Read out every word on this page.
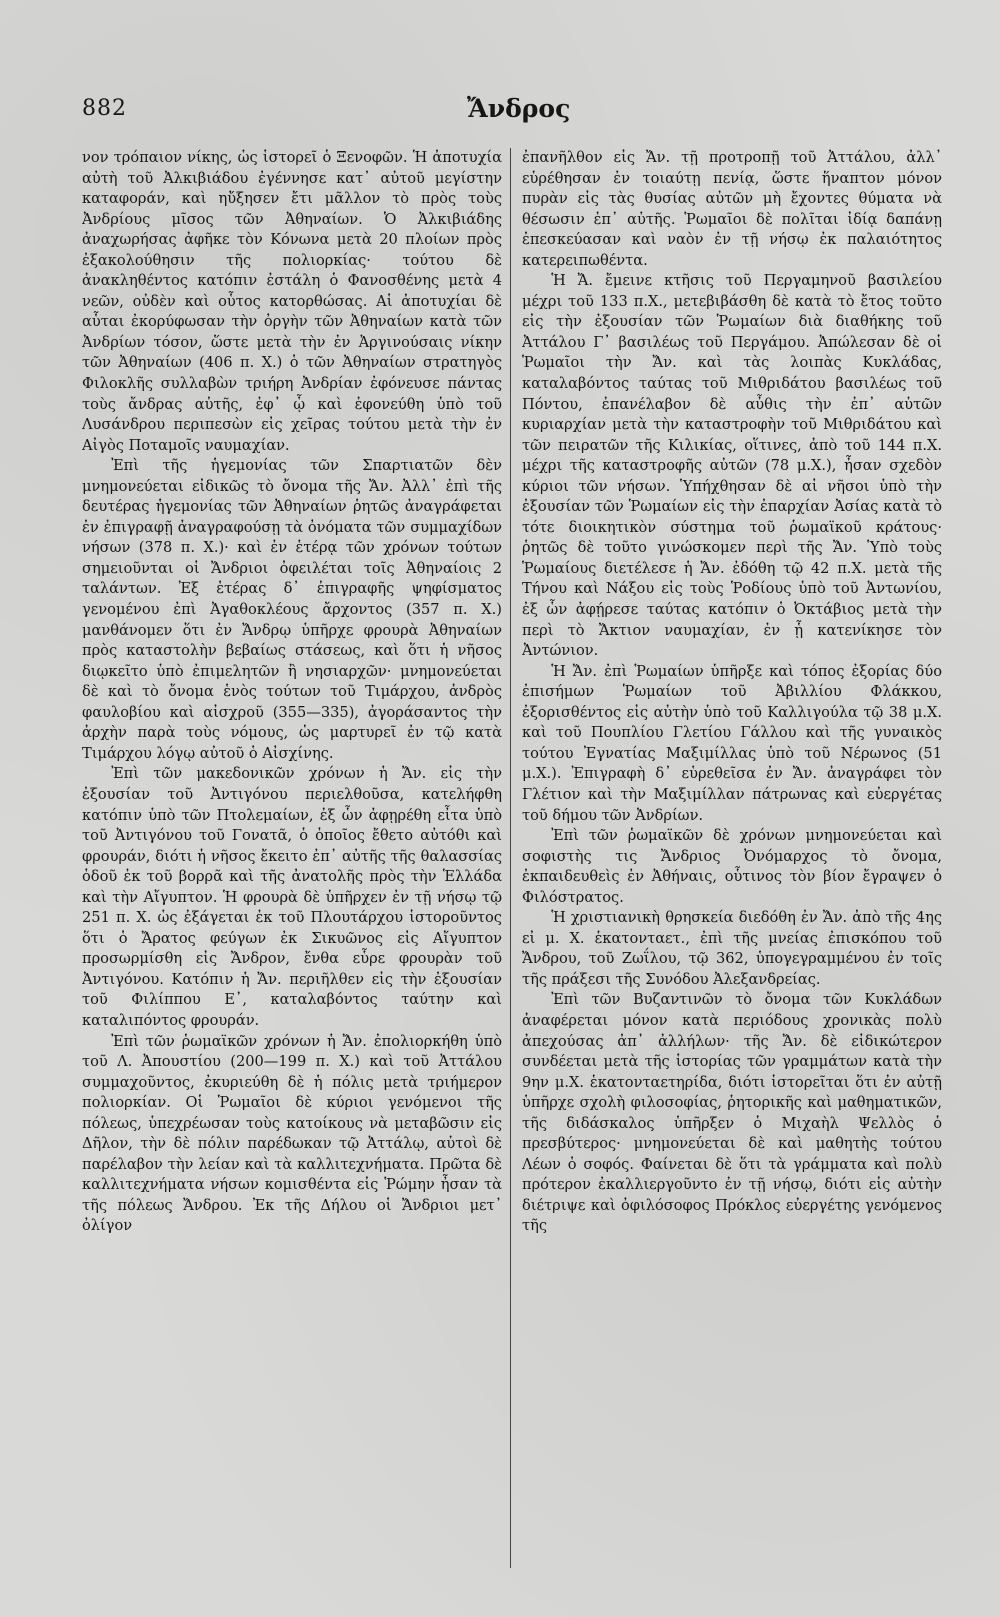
882	Ἄνδρος

νον τρόπαιον νίκης, ὡς ἱστορεῖ ὁ Ξενοφῶν. Ἡ ἀποτυχία αὐτὴ τοῦ Ἀλκιβιάδου ἐγέννησε κατ᾽ αὐτοῦ μεγίστην καταφοράν, καὶ ηὔξησεν ἔτι μᾶλλον τὸ πρὸς τοὺς Ἀνδρίους μῖσος τῶν Ἀθηναίων. Ὁ Ἀλκιβιάδης ἀναχωρήσας ἀφῆκε τὸν Κόνωνα μετὰ 20 πλοίων πρὸς ἐξακολούθησιν τῆς πολιορκίας· τούτου δὲ ἀνακληθέντος κατόπιν ἐστάλη ὁ Φανοσθένης μετὰ 4 νεῶν, οὐδὲν καὶ οὗτος κατορθώσας. Αἱ ἀποτυχίαι δὲ αὗται ἐκορύφωσαν τὴν ὀργὴν τῶν Ἀθηναίων κατὰ τῶν Ἀνδρίων τόσον, ὥστε μετὰ τὴν ἐν Ἀργινούσαις νίκην τῶν Ἀθηναίων (406 π. Χ.) ὁ τῶν Ἀθηναίων στρατηγὸς Φιλοκλῆς συλλαβὼν τριήρη Ἀνδρίαν ἐφόνευσε πάντας τοὺς ἄνδρας αὐτῆς, ἐφ᾽ ᾧ καὶ ἐφονεύθη ὑπὸ τοῦ Λυσάνδρου περιπεσὼν εἰς χεῖρας τούτου μετὰ τὴν ἐν Αἰγὸς Ποταμοῖς ναυμαχίαν.

Ἐπὶ τῆς ἡγεμονίας τῶν Σπαρτιατῶν δὲν μνημονεύεται εἰδικῶς τὸ ὄνομα τῆς Ἄν. Ἀλλ᾽ ἐπὶ τῆς δευτέρας ἡγεμονίας τῶν Ἀθηναίων ῥητῶς ἀναγράφεται ἐν ἐπιγραφῇ ἀναγραφούσῃ τὰ ὀνόματα τῶν συμμαχίδων νήσων (378 π. Χ.)· καὶ ἐν ἑτέρᾳ τῶν χρόνων τούτων σημειοῦνται οἱ Ἄνδριοι ὀφειλέται τοῖς Ἀθηναίοις 2 ταλάντων. Ἐξ ἑτέρας δ᾽ ἐπιγραφῆς ψηφίσματος γενομένου ἐπὶ Ἀγαθοκλέους ἄρχοντος (357 π. Χ.) μανθάνομεν ὅτι ἐν Ἄνδρῳ ὑπῆρχε φρουρὰ Ἀθηναίων πρὸς καταστολὴν βεβαίως στάσεως, καὶ ὅτι ἡ νῆσος διῳκεῖτο ὑπὸ ἐπιμελητῶν ἢ νησιαρχῶν· μνημονεύεται δὲ καὶ τὸ ὄνομα ἑνὸς τούτων τοῦ Τιμάρχου, ἀνδρὸς φαυλοβίου καὶ αἰσχροῦ (355—335), ἀγοράσαντος τὴν ἀρχὴν παρὰ τοὺς νόμους, ὡς μαρτυρεῖ ἐν τῷ κατὰ Τιμάρχου λόγῳ αὐτοῦ ὁ Αἰσχίνης.

Ἐπὶ τῶν μακεδονικῶν χρόνων ἡ Ἄν. εἰς τὴν ἐξουσίαν τοῦ Ἀντιγόνου περιελθοῦσα, κατελήφθη κατόπιν ὑπὸ τῶν Πτολεμαίων, ἐξ ὧν ἀφῃρέθη εἶτα ὑπὸ τοῦ Ἀντιγόνου τοῦ Γονατᾶ, ὁ ὁποῖος ἔθετο αὐτόθι καὶ φρουράν, διότι ἡ νῆσος ἔκειτο ἐπ᾽ αὐτῆς τῆς θαλασσίας ὁδοῦ ἐκ τοῦ βορρᾶ καὶ τῆς ἀνατολῆς πρὸς τὴν Ἑλλάδα καὶ τὴν Αἴγυπτον. Ἡ φρουρὰ δὲ ὑπῆρχεν ἐν τῇ νήσῳ τῷ 251 π. Χ. ὡς ἐξάγεται ἐκ τοῦ Πλουτάρχου ἱστοροῦντος ὅτι ὁ Ἄρατος φεύγων ἐκ Σικυῶνος εἰς Αἴγυπτον προσωρμίσθη εἰς Ἄνδρον, ἔνθα εὗρε φρουρὰν τοῦ Ἀντιγόνου. Κατόπιν ἡ Ἄν. περιῆλθεν εἰς τὴν ἐξουσίαν τοῦ Φιλίππου Ε᾽, καταλαβόντος ταύτην καὶ καταλιπόντος φρουράν.

Ἐπὶ τῶν ῥωμαϊκῶν χρόνων ἡ Ἄν. ἐπολιορκήθη ὑπὸ τοῦ Λ. Ἀπουστίου (200—199 π. Χ.) καὶ τοῦ Ἀττάλου συμμαχοῦντος, ἐκυριεύθη δὲ ἡ πόλις μετὰ τριήμερον πολιορκίαν. Οἱ Ῥωμαῖοι δὲ κύριοι γενόμενοι τῆς πόλεως, ὑπεχρέωσαν τοὺς κατοίκους νὰ μεταβῶσιν εἰς Δῆλον, τὴν δὲ πόλιν παρέδωκαν τῷ Ἀττάλῳ, αὐτοὶ δὲ παρέλαβον τὴν λείαν καὶ τὰ καλλιτεχνήματα. Πρῶτα δὲ καλλιτεχνήματα νήσων κομισθέντα εἰς Ῥώμην ἦσαν τὰ τῆς πόλεως Ἄνδρου. Ἐκ τῆς Δήλου οἱ Ἄνδριοι μετ᾽ ὀλίγον

ἐπανῆλθον εἰς Ἄν. τῇ προτροπῇ τοῦ Ἀττάλου, ἀλλ᾽ εὑρέθησαν ἐν τοιαύτῃ πενίᾳ, ὥστε ἥναπτον μόνον πυρὰν εἰς τὰς θυσίας αὐτῶν μὴ ἔχοντες θύματα νὰ θέσωσιν ἐπ᾽ αὐτῆς. Ῥωμαῖοι δὲ πολῖται ἰδίᾳ δαπάνῃ ἐπεσκεύασαν καὶ ναὸν ἐν τῇ νήσῳ ἐκ παλαιότητος κατερειπωθέντα.

Ἡ Ἄ. ἔμεινε κτῆσις τοῦ Περγαμηνοῦ βασιλείου μέχρι τοῦ 133 π.Χ., μετεβιβάσθη δὲ κατὰ τὸ ἔτος τοῦτο εἰς τὴν ἐξουσίαν τῶν Ῥωμαίων διὰ διαθήκης τοῦ Ἀττάλου Γ᾽ βασιλέως τοῦ Περγάμου. Ἀπώλεσαν δὲ οἱ Ῥωμαῖοι τὴν Ἄν. καὶ τὰς λοιπὰς Κυκλάδας, καταλαβόντος ταύτας τοῦ Μιθριδάτου βασιλέως τοῦ Πόντου, ἐπανέλαβον δὲ αὖθις τὴν ἐπ᾽ αὐτῶν κυριαρχίαν μετὰ τὴν καταστροφὴν τοῦ Μιθριδάτου καὶ τῶν πειρατῶν τῆς Κιλικίας, οἵτινες, ἀπὸ τοῦ 144 π.Χ. μέχρι τῆς καταστροφῆς αὐτῶν (78 μ.Χ.), ἦσαν σχεδὸν κύριοι τῶν νήσων. Ὑπήχθησαν δὲ αἱ νῆσοι ὑπὸ τὴν ἐξουσίαν τῶν Ῥωμαίων εἰς τὴν ἐπαρχίαν Ἀσίας κατὰ τὸ τότε διοικητικὸν σύστημα τοῦ ῥωμαϊκοῦ κράτους· ῥητῶς δὲ τοῦτο γινώσκομεν περὶ τῆς Ἄν. Ὑπὸ τοὺς Ῥωμαίους διετέλεσε ἡ Ἄν. ἐδόθη τῷ 42 π.Χ. μετὰ τῆς Τήνου καὶ Νάξου εἰς τοὺς Ῥοδίους ὑπὸ τοῦ Ἀντωνίου, ἐξ ὧν ἀφῄρεσε ταύτας κατόπιν ὁ Ὀκτάβιος μετὰ τὴν περὶ τὸ Ἄκτιον ναυμαχίαν, ἐν ᾗ κατενίκησε τὸν Ἀντώνιον.

Ἡ Ἄν. ἐπὶ Ῥωμαίων ὑπῆρξε καὶ τόπος ἐξορίας δύο ἐπισήμων Ῥωμαίων τοῦ Ἀβιλλίου Φλάκκου, ἐξορισθέντος εἰς αὐτὴν ὑπὸ τοῦ Καλλιγούλα τῷ 38 μ.Χ. καὶ τοῦ Πουπλίου Γλετίου Γάλλου καὶ τῆς γυναικὸς τούτου Ἐγνατίας Μαξιμίλλας ὑπὸ τοῦ Νέρωνος (51 μ.Χ.). Ἐπιγραφὴ δ᾽ εὑρεθεῖσα ἐν Ἄν. ἀναγράφει τὸν Γλέτιον καὶ τὴν Μαξιμίλλαν πάτρωνας καὶ εὐεργέτας τοῦ δήμου τῶν Ἀνδρίων.

Ἐπὶ τῶν ῥωμαϊκῶν δὲ χρόνων μνημονεύεται καὶ σοφιστὴς τις Ἄνδριος Ὀνόμαρχος τὸ ὄνομα, ἐκπαιδευθεὶς ἐν Ἀθήναις, οὗτινος τὸν βίον ἔγραψεν ὁ Φιλόστρατος.

Ἡ χριστιανικὴ θρησκεία διεδόθη ἐν Ἄν. ἀπὸ τῆς 4ης εἰ μ. Χ. ἑκατονταετ., ἐπὶ τῆς μνείας ἐπισκόπου τοῦ Ἄνδρου, τοῦ Ζωΐλου, τῷ 362, ὑπογεγραμμένου ἐν τοῖς τῆς πράξεσι τῆς Συνόδου Ἀλεξανδρείας.

Ἐπὶ τῶν Βυζαντινῶν τὸ ὄνομα τῶν Κυκλάδων ἀναφέρεται μόνον κατὰ περιόδους χρονικὰς πολὺ ἀπεχούσας ἀπ᾽ ἀλλήλων· τῆς Ἄν. δὲ εἰδικώτερον συνδέεται μετὰ τῆς ἱστορίας τῶν γραμμάτων κατὰ τὴν 9ην μ.Χ. ἑκατονταετηρίδα, διότι ἱστορεῖται ὅτι ἐν αὐτῇ ὑπῆρχε σχολὴ φιλοσοφίας, ῥητορικῆς καὶ μαθηματικῶν, τῆς διδάσκαλος ὑπῆρξεν ὁ Μιχαὴλ Ψελλὸς ὁ πρεσβύτερος· μνημονεύεται δὲ καὶ μαθητὴς τούτου Λέων ὁ σοφός. Φαίνεται δὲ ὅτι τὰ γράμματα καὶ πολὺ πρότερον ἐκαλλιεργοῦντο ἐν τῇ νήσῳ, διότι εἰς αὐτὴν διέτριψε καὶ ὀφιλόσοφος Πρόκλος εὐεργέτης γενόμενος τῆς
